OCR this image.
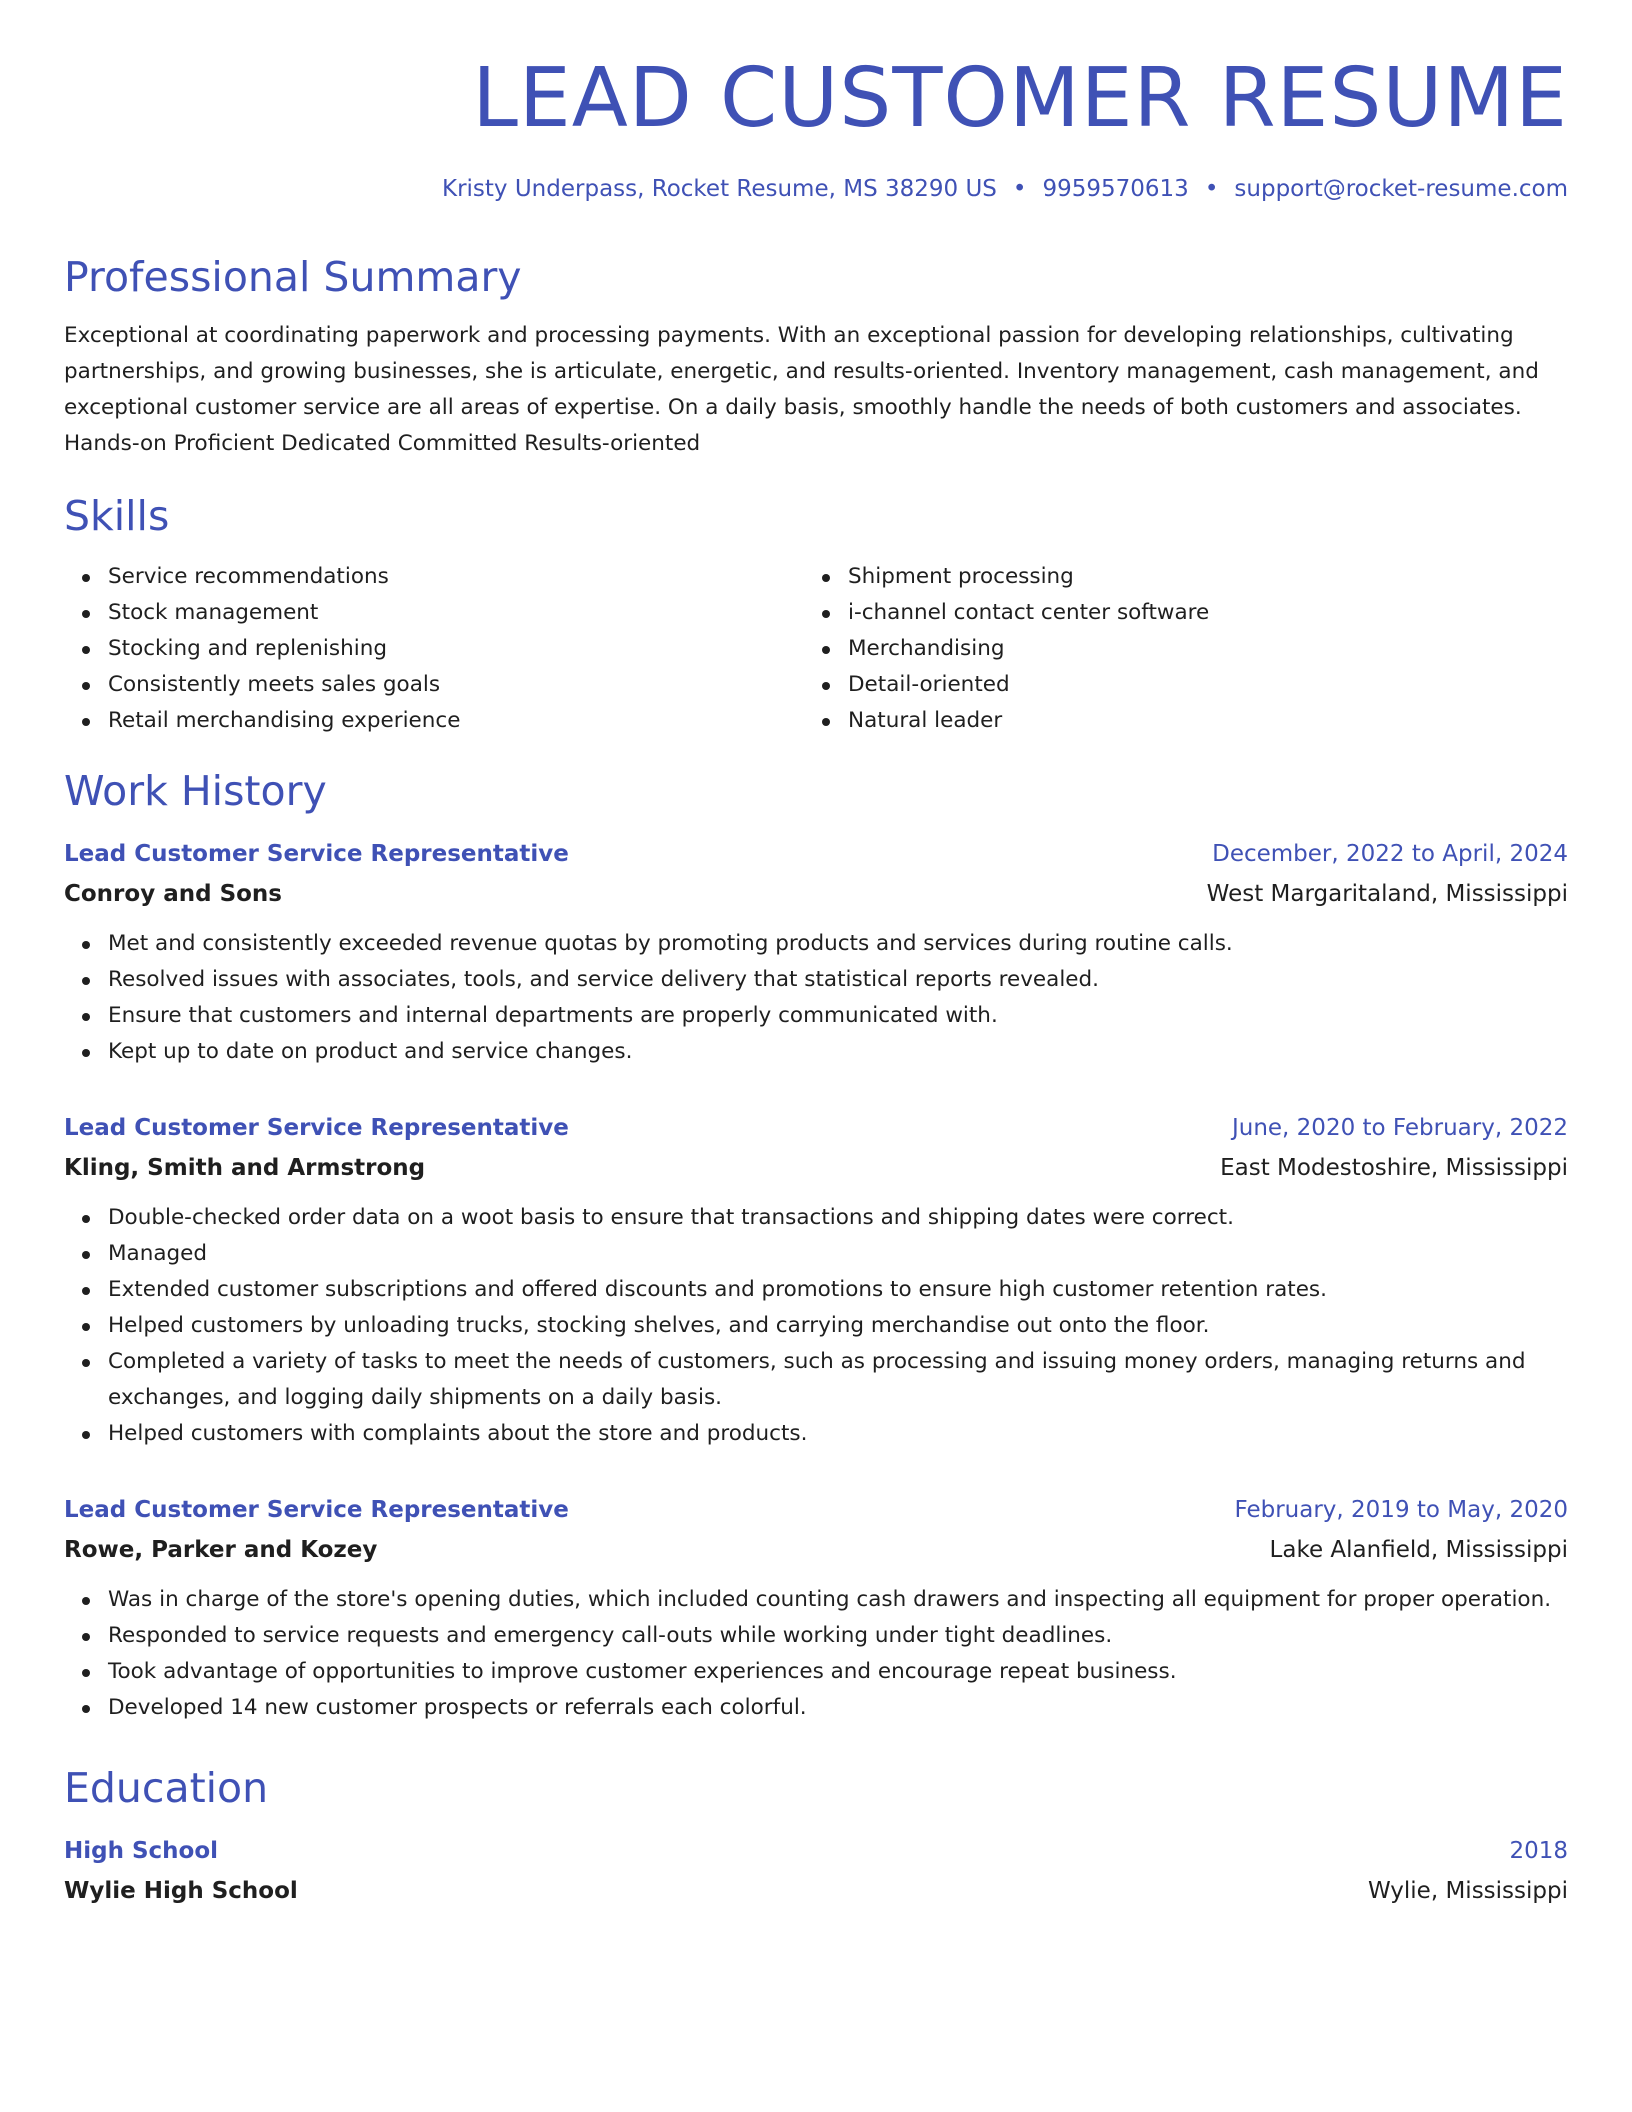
LEAD CUSTOMER RESUME
Kristy Underpass, Rocket Resume, MS 38290 US • 9959570613 • support@rocket-resume.com
Professional Summary

Exceptional at coordinating paperwork and processing payments. With an exceptional passion for developing relationships, cultivating partnerships, and growing businesses, she is articulate, energetic, and results-oriented. Inventory management, cash management, and exceptional customer service are all areas of expertise. On a daily basis, smoothly handle the needs of both customers and associates. Hands-on Proficient Dedicated Committed Results-oriented

Skills
Service recommendations
Stock management
Stocking and replenishing
Consistently meets sales goals
Retail merchandising experience
Shipment processing
i-channel contact center software
Merchandising
Detail-oriented
Natural leader
Work History
Lead Customer Service Representative	December, 2022 to April, 2024
Conroy and Sons	West Margaritaland, Mississippi
Met and consistently exceeded revenue quotas by promoting products and services during routine calls.
Resolved issues with associates, tools, and service delivery that statistical reports revealed.
Ensure that customers and internal departments are properly communicated with.
Kept up to date on product and service changes.
Lead Customer Service Representative	June, 2020 to February, 2022
Kling, Smith and Armstrong	East Modestoshire, Mississippi
Double-checked order data on a woot basis to ensure that transactions and shipping dates were correct.
Managed
Extended customer subscriptions and offered discounts and promotions to ensure high customer retention rates.
Helped customers by unloading trucks, stocking shelves, and carrying merchandise out onto the floor.
Completed a variety of tasks to meet the needs of customers, such as processing and issuing money orders, managing returns and exchanges, and logging daily shipments on a daily basis.
Helped customers with complaints about the store and products.
Lead Customer Service Representative	February, 2019 to May, 2020
Rowe, Parker and Kozey	Lake Alanfield, Mississippi
Was in charge of the store's opening duties, which included counting cash drawers and inspecting all equipment for proper operation.
Responded to service requests and emergency call-outs while working under tight deadlines.
Took advantage of opportunities to improve customer experiences and encourage repeat business.
Developed 14 new customer prospects or referrals each colorful.
Education
High School	2018
Wylie High School	Wylie, Mississippi
